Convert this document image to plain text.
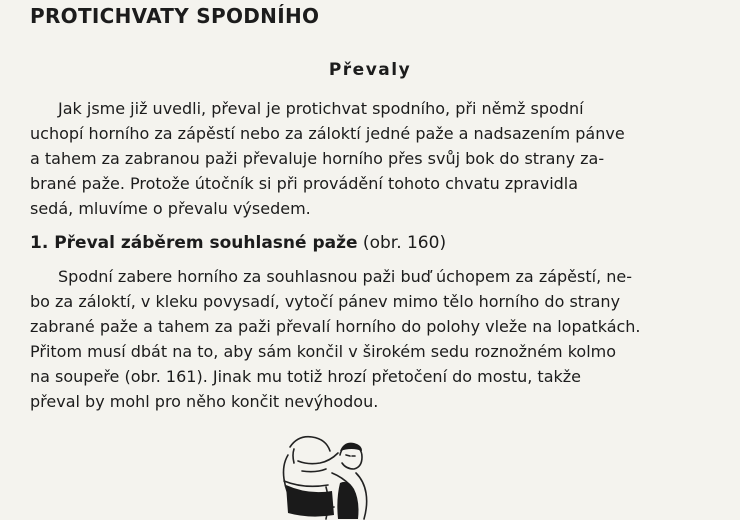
PROTICHVATY SPODNÍHO
Převaly
Jak jsme již uvedli, převal je protichvat spodního, při němž spodní
uchopí horního za zápěstí nebo za záloktí jedné paže a nadsazením pánve
a tahem za zabranou paži převaluje horního přes svůj bok do strany za-
brané paže. Protože útočník si při provádění tohoto chvatu zpravidla
sedá, mluvíme o převalu výsedem.
1. Převal záběrem souhlasné paže (obr. 160)
Spodní zabere horního za souhlasnou paži buď úchopem za zápěstí, ne-
bo za záloktí, v kleku povysadí, vytočí pánev mimo tělo horního do strany
zabrané paže a tahem za paži převalí horního do polohy vleže na lopatkách.
Přitom musí dbát na to, aby sám končil v širokém sedu roznožném kolmo
na soupeře (obr. 161). Jinak mu totiž hrozí přetočení do mostu, takže
převal by mohl pro něho končit nevýhodou.
